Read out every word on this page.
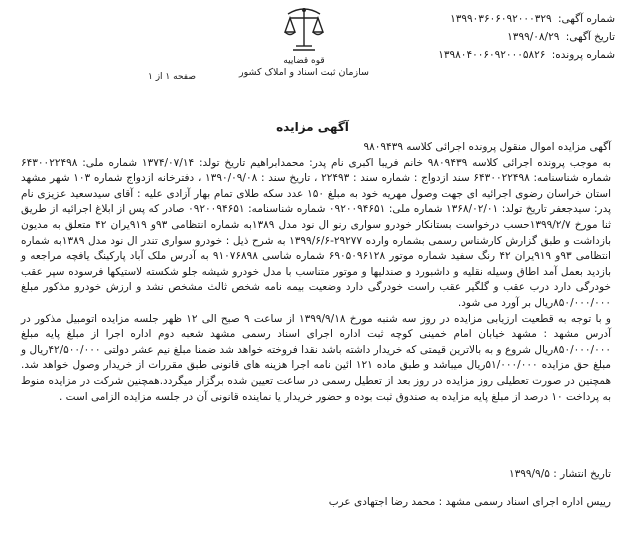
شماره آگهی: ۱۳۹۹۰۳۶۰۶۰۹۲۰۰۰۳۲۹
تاریخ آگهی: ۱۳۹۹/۰۸/۲۹
شماره پرونده: ۱۳۹۸۰۴۰۰۶۰۹۲۰۰۰۵۸۲۶
قوه قضاییه
سازمان ثبت اسناد و املاک کشور
صفحه ۱ از ۱
آگهی مزایده

آگهی مزایده اموال منقول پرونده اجرائی کلاسه ۹۸۰۹۴۳۹

به موجب پرونده اجرائی کلاسه ۹۸۰۹۴۳۹ خانم فریبا اکبری نام پدر: محمدابراهیم تاریخ تولد: ۱۳۷۴/۰۷/۱۴ شماره ملی: ۶۴۳۰۰۲۲۴۹۸ شماره شناسنامه: ۶۴۳۰۰۲۲۴۹۸ سند ازدواج : شماره سند : ۲۲۴۹۳ ، تاریخ سند : ۱۳۹۰/۰۹/۰۸ ، دفترخانه ازدواج شماره ۱۰۳ شهر مشهد استان خراسان رضوی اجرائیه ای جهت وصول مهریه خود به مبلغ ۱۵۰ عدد سکه طلای تمام بهار آزادی علیه : آقای سیدسعید عزیزی نام پدر: سیدجعفر تاریخ تولد: ۱۳۶۸/۰۲/۰۱ شماره ملی: ۰۹۲۰۰۹۴۶۵۱ شماره شناسنامه: ۰۹۲۰۰۹۴۶۵۱ صادر که پس از ابلاغ اجرائیه از طریق ثنا مورخ ۱۳۹۹/۲/۷حسب درخواست بستانکار خودرو سواری رنو ال نود مدل ۱۳۸۹به شماره انتظامی ۹۳و ۹۱۹یران ۴۲ متعلق به مدیون بازداشت و طبق گزارش کارشناس رسمی بشماره وارده ۲۹۲۷۷-۱۳۹۹/۶/۶ به شرح ذیل : خودرو سواری تندر ال نود مدل ۱۳۸۹به شماره انتظامی ۹۳و ۹۱۹یران ۴۲ رنگ سفید شماره موتور ۶۹۰۵۰۹۶۱۲۸ شماره شاسی ۹۱۰۷۶۸۹۸ به آدرس ملک آباد پارکینگ یافچه مراجعه و بازدید بعمل آمد اطاق وسیله نقلیه و داشبورد و صندلیها و موتور متناسب با مدل خودرو شیشه جلو شکسته لاستیکها فرسوده سپر عقب خودرگی دارد درب عقب و گلگیر عقب راست خودرگی دارد وضعیت بیمه نامه شخص ثالث مشخص نشد و ارزش خودرو مذکور مبلغ ۸۵۰/۰۰۰/۰۰۰ریال بر آورد می شود.

و با توجه به قطعیت ارزیابی مزایده در روز سه شنبه مورخ ۱۳۹۹/۹/۱۸ از ساعت ۹ صبح الی ۱۲ ظهر جلسه مزایده اتومبیل مذکور در آدرس مشهد : مشهد خیابان امام خمینی کوچه ثبت اداره اجرای اسناد رسمی مشهد شعبه دوم اداره اجرا از مبلغ پایه مبلغ ۸۵۰/۰۰۰/۰۰۰ریال شروع و به بالاترین قیمتی که خریدار داشته باشد نقدا فروخته خواهد شد ضمنا مبلغ نیم عشر دولتی ۴۲/۵۰۰/۰۰۰ریال و مبلغ حق مزایده ۵۱/۰۰۰/۰۰۰ریال میباشد و طبق ماده ۱۲۱ ائین نامه اجرا هزینه های قانونی طبق مقررات از خریدار وصول خواهد شد. همچنین در صورت تعطیلی روز مزایده در روز بعد از تعطیل رسمی در ساعت تعیین شده برگزار میگردد.همچنین شرکت در مزایده منوط به پرداخت ۱۰ درصد از مبلغ پایه مزایده به صندوق ثبت بوده و حضور خریدار یا نماینده قانونی آن در جلسه مزایده الزامی است .

تاریخ انتشار : ۱۳۹۹/۹/۵
رییس اداره اجرای اسناد رسمی مشهد : محمد رضا اجتهادی عرب
